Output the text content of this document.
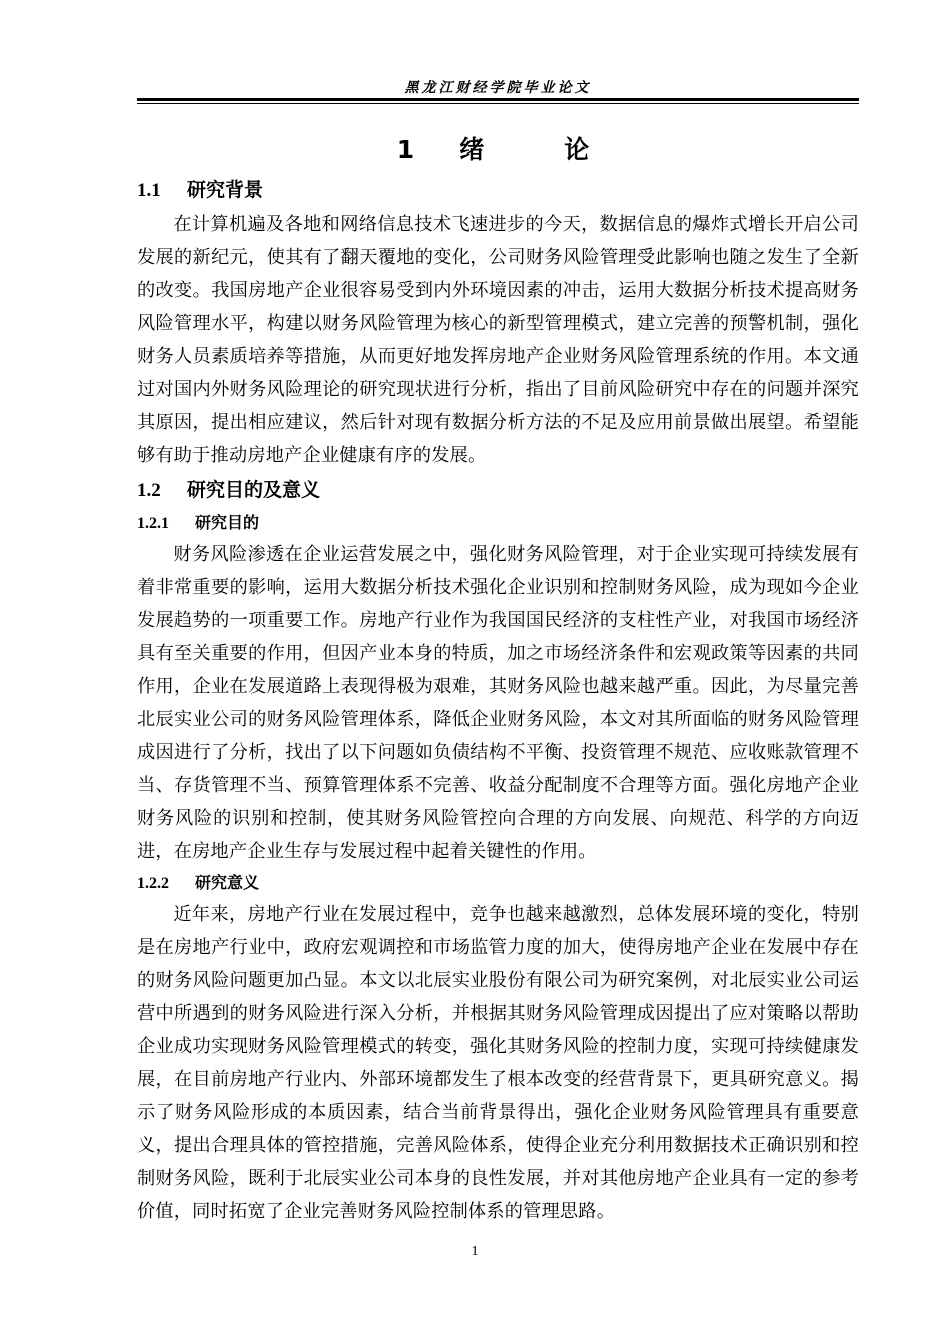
黑龙江财经学院毕业论文
1　绪　　论
1.1 研究背景

在计算机遍及各地和网络信息技术飞速进步的今天，数据信息的爆炸式增长开启公司发展的新纪元，使其有了翻天覆地的变化，公司财务风险管理受此影响也随之发生了全新的改变。我国房地产企业很容易受到内外环境因素的冲击，运用大数据分析技术提高财务风险管理水平，构建以财务风险管理为核心的新型管理模式，建立完善的预警机制，强化财务人员素质培养等措施，从而更好地发挥房地产企业财务风险管理系统的作用。本文通过对国内外财务风险理论的研究现状进行分析，指出了目前风险研究中存在的问题并深究其原因，提出相应建议，然后针对现有数据分析方法的不足及应用前景做出展望。希望能够有助于推动房地产企业健康有序的发展。

1.2 研究目的及意义
1.2.1 研究目的

财务风险渗透在企业运营发展之中，强化财务风险管理，对于企业实现可持续发展有着非常重要的影响，运用大数据分析技术强化企业识别和控制财务风险，成为现如今企业发展趋势的一项重要工作。房地产行业作为我国国民经济的支柱性产业，对我国市场经济具有至关重要的作用，但因产业本身的特质，加之市场经济条件和宏观政策等因素的共同作用，企业在发展道路上表现得极为艰难，其财务风险也越来越严重。因此，为尽量完善北辰实业公司的财务风险管理体系，降低企业财务风险，本文对其所面临的财务风险管理成因进行了分析，找出了以下问题如负债结构不平衡、投资管理不规范、应收账款管理不当、存货管理不当、预算管理体系不完善、收益分配制度不合理等方面。强化房地产企业财务风险的识别和控制，使其财务风险管控向合理的方向发展、向规范、科学的方向迈进，在房地产企业生存与发展过程中起着关键性的作用。

1.2.2 研究意义

近年来，房地产行业在发展过程中，竞争也越来越激烈，总体发展环境的变化，特别是在房地产行业中，政府宏观调控和市场监管力度的加大，使得房地产企业在发展中存在的财务风险问题更加凸显。本文以北辰实业股份有限公司为研究案例，对北辰实业公司运营中所遇到的财务风险进行深入分析，并根据其财务风险管理成因提出了应对策略以帮助企业成功实现财务风险管理模式的转变，强化其财务风险的控制力度，实现可持续健康发展，在目前房地产行业内、外部环境都发生了根本改变的经营背景下，更具研究意义。揭示了财务风险形成的本质因素，结合当前背景得出，强化企业财务风险管理具有重要意义，提出合理具体的管控措施，完善风险体系，使得企业充分利用数据技术正确识别和控制财务风险，既利于北辰实业公司本身的良性发展，并对其他房地产企业具有一定的参考价值，同时拓宽了企业完善财务风险控制体系的管理思路。

1
